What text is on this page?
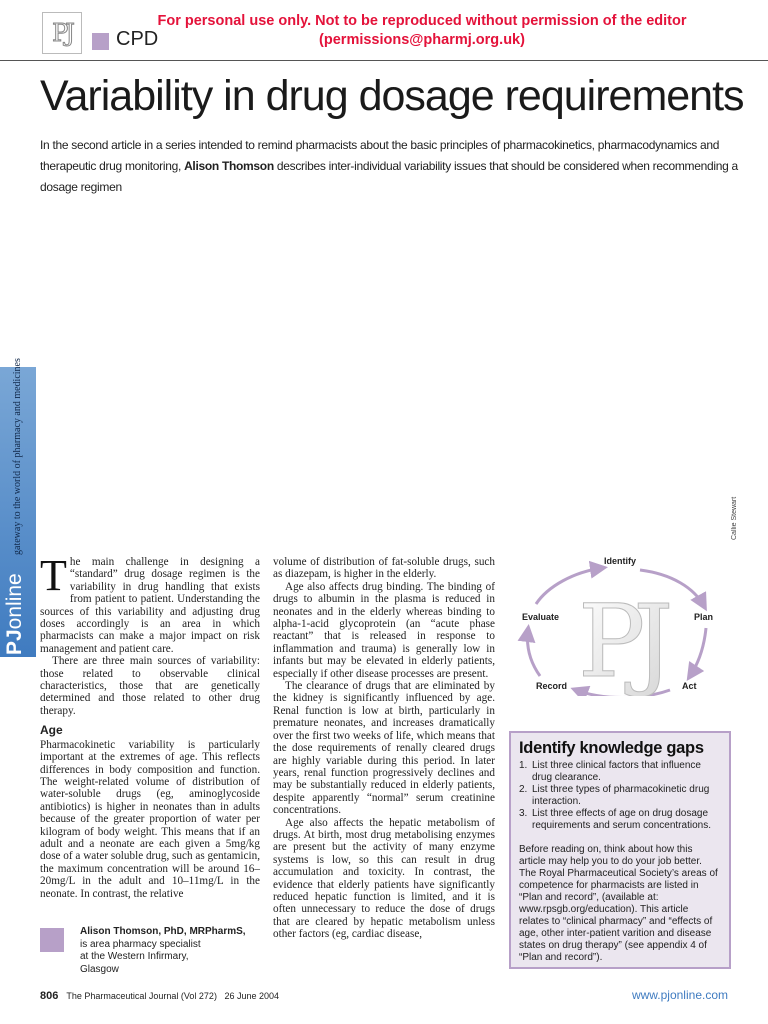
PJ CPD
For personal use only. Not to be reproduced without permission of the editor
(permissions@pharmj.org.uk)
Variability in drug dosage requirements
In the second article in a series intended to remind pharmacists about the basic principles of pharmacokinetics, pharmacodynamics and therapeutic drug monitoring, Alison Thomson describes inter-individual variability issues that should be considered when recommending a dosage regimen
gateway to the world of pharmacy and medicines
PJonline
Callie Stewart

The main challenge in designing a “standard” drug dosage regimen is the variability in drug handling that exists from patient to patient. Understanding the sources of this variability and adjusting drug doses accordingly is an area in which pharmacists can make a major impact on risk management and patient care.

There are three main sources of variability: those related to observable clinical characteristics, those that are genetically determined and those related to other drug therapy.

Age

Pharmacokinetic variability is particularly important at the extremes of age. This reflects differences in body composition and function. The weight-related volume of distribution of water-soluble drugs (eg, aminoglycoside antibiotics) is higher in neonates than in adults because of the greater proportion of water per kilogram of body weight. This means that if an adult and a neonate are each given a 5mg/kg dose of a water soluble drug, such as gentamicin, the maximum concentration will be around 16–20mg/L in the adult and 10–11mg/L in the neonate. In contrast, the relative

volume of distribution of fat-soluble drugs, such as diazepam, is higher in the elderly.

Age also affects drug binding. The binding of drugs to albumin in the plasma is reduced in neonates and in the elderly whereas binding to alpha-1-acid glycoprotein (an “acute phase reactant” that is released in response to inflammation and trauma) is generally low in infants but may be elevated in elderly patients, especially if other disease processes are present.

The clearance of drugs that are eliminated by the kidney is significantly influenced by age. Renal function is low at birth, particularly in premature neonates, and increases dramatically over the first two weeks of life, which means that the dose requirements of renally cleared drugs are highly variable during this period. In later years, renal function progressively declines and may be substantially reduced in elderly patients, despite apparently “normal” serum creatinine concentrations.

Age also affects the hepatic metabolism of drugs. At birth, most drug metabolising enzymes are present but the activity of many enzyme systems is low, so this can result in drug accumulation and toxicity. In contrast, the evidence that elderly patients have significantly reduced hepatic function is limited, and it is often unnecessary to reduce the dose of drugs that are cleared by hepatic metabolism unless other factors (eg, cardiac disease,

Alison Thomson, PhD, MRPharmS,
is area pharmacy specialist
at the Western Infirmary,
Glasgow
PJ
Identify
Plan
Act
Record
Evaluate
Identify knowledge gaps
1. List three clinical factors that influence drug clearance.
2. List three types of pharmacokinetic drug interaction.
3. List three effects of age on drug dosage requirements and serum concentrations.

Before reading on, think about how this article may help you to do your job better. The Royal Pharmaceutical Society’s areas of competence for pharmacists are listed in “Plan and record”, (available at: www.rpsgb.org/education). This article relates to “clinical pharmacy” and “effects of age, other inter-patient varition and disease states on drug therapy” (see appendix 4 of “Plan and record”).

806 The Pharmaceutical Journal (Vol 272) 26 June 2004	www.pjonline.com
